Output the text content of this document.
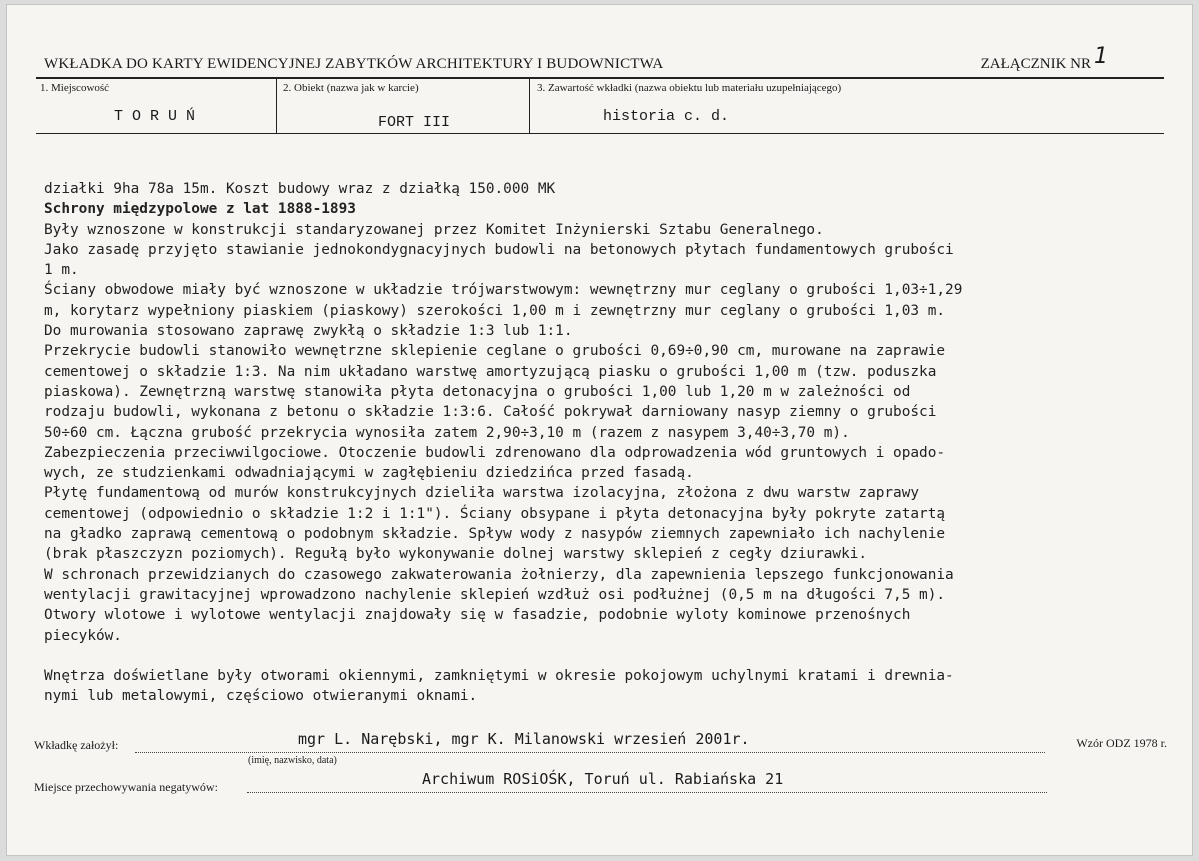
WKŁADKA DO KARTY EWIDENCYJNEJ ZABYTKÓW ARCHITEKTURY I BUDOWNICTWA	ZAŁĄCZNIK NR 1
1. Miejscowość
T O R U Ń
2. Obiekt (nazwa jak w karcie)
FORT III
3. Zawartość wkładki (nazwa obiektu lub materiału uzupełniającego)
historia c. d.

działki 9ha 78a 15m. Koszt budowy wraz z działką 150.000 MK

Schrony międzypolowe z lat 1888-1893

Były wznoszone w konstrukcji standaryzowanej przez Komitet Inżynierski Sztabu Generalnego.

Jako zasadę przyjęto stawianie jednokondygnacyjnych budowli na betonowych płytach fundamentowych grubości

1 m.

Ściany obwodowe miały być wznoszone w układzie trójwarstwowym: wewnętrzny mur ceglany o grubości 1,03÷1,29

m, korytarz wypełniony piaskiem (piaskowy) szerokości 1,00 m i zewnętrzny mur ceglany o grubości 1,03 m.

Do murowania stosowano zaprawę zwykłą o składzie 1:3 lub 1:1.

Przekrycie budowli stanowiło wewnętrzne sklepienie ceglane o grubości 0,69÷0,90 cm, murowane na zaprawie

cementowej o składzie 1:3. Na nim układano warstwę amortyzującą piasku o grubości 1,00 m (tzw. poduszka

piaskowa). Zewnętrzną warstwę stanowiła płyta detonacyjna o grubości 1,00 lub 1,20 m w zależności od

rodzaju budowli, wykonana z betonu o składzie 1:3:6. Całość pokrywał darniowany nasyp ziemny o grubości

50÷60 cm. Łączna grubość przekrycia wynosiła zatem 2,90÷3,10 m (razem z nasypem 3,40÷3,70 m).

Zabezpieczenia przeciwwilgociowe. Otoczenie budowli zdrenowano dla odprowadzenia wód gruntowych i opado-

wych, ze studzienkami odwadniającymi w zagłębieniu dziedzińca przed fasadą.

Płytę fundamentową od murów konstrukcyjnych dzieliła warstwa izolacyjna, złożona z dwu warstw zaprawy

cementowej (odpowiednio o składzie 1:2 i 1:1"). Ściany obsypane i płyta detonacyjna były pokryte zatartą

na gładko zaprawą cementową o podobnym składzie. Spływ wody z nasypów ziemnych zapewniało ich nachylenie

(brak płaszczyzn poziomych). Regułą było wykonywanie dolnej warstwy sklepień z cegły dziurawki.

W schronach przewidzianych do czasowego zakwaterowania żołnierzy, dla zapewnienia lepszego funkcjonowania

wentylacji grawitacyjnej wprowadzono nachylenie sklepień wzdłuż osi podłużnej (0,5 m na długości 7,5 m).

Otwory wlotowe i wylotowe wentylacji znajdowały się w fasadzie, podobnie wyloty kominowe przenośnych

piecyków.

Wnętrza doświetlane były otworami okiennymi, zamkniętymi w okresie pokojowym uchylnymi kratami i drewnia-

nymi lub metalowymi, częściowo otwieranymi oknami.

Wkładkę założył:	mgr L. Narębski, mgr K. Milanowski wrzesień 2001r.
(imię, nazwisko, data)
Wzór ODZ 1978 r.
Miejsce przechowywania negatywów:	Archiwum ROSiOŚK, Toruń ul. Rabiańska 21
